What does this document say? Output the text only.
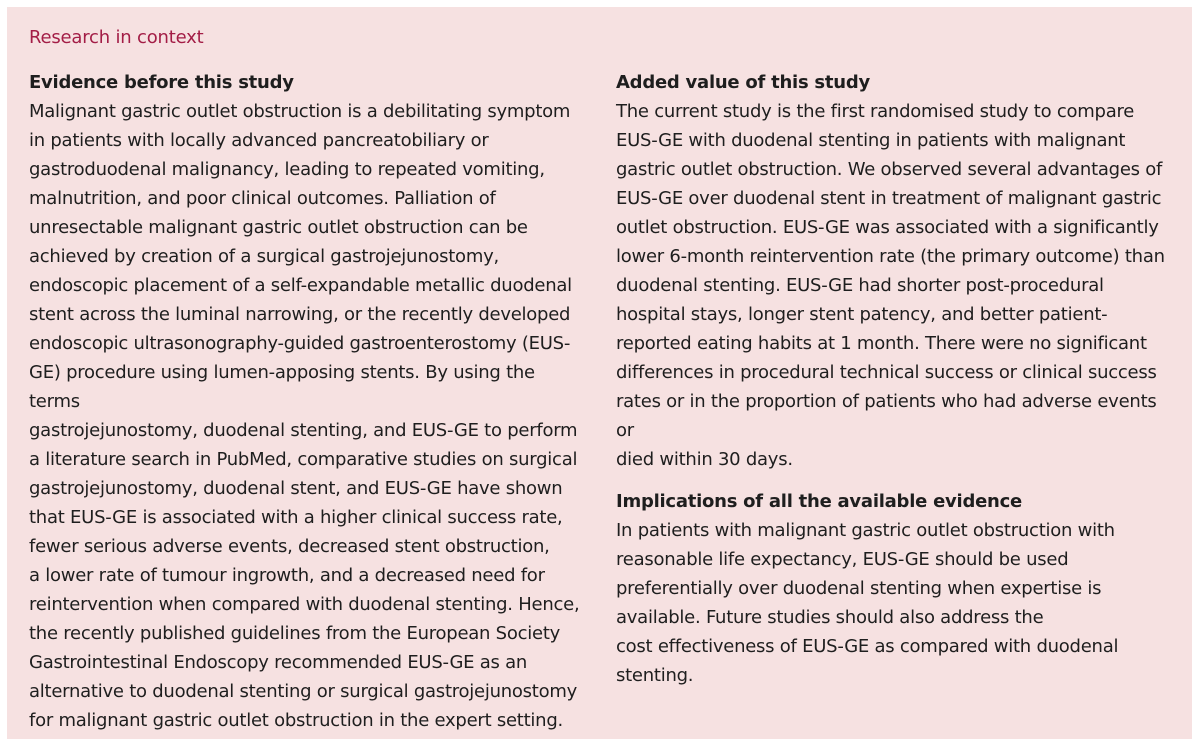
Research in context
Evidence before this study

Malignant gastric outlet obstruction is a debilitating symptom
in patients with locally advanced pancreatobiliary or
gastroduodenal malignancy, leading to repeated vomiting,
malnutrition, and poor clinical outcomes. Palliation of
unresectable malignant gastric outlet obstruction can be
achieved by creation of a surgical gastrojejunostomy,
endoscopic placement of a self-expandable metallic duodenal
stent across the luminal narrowing, or the recently developed
endoscopic ultrasonography-guided gastroenterostomy (EUS-
GE) procedure using lumen-apposing stents. By using the terms
gastrojejunostomy, duodenal stenting, and EUS-GE to perform
a literature search in PubMed, comparative studies on surgical
gastrojejunostomy, duodenal stent, and EUS-GE have shown
that EUS-GE is associated with a higher clinical success rate,
fewer serious adverse events, decreased stent obstruction,
a lower rate of tumour ingrowth, and a decreased need for
reintervention when compared with duodenal stenting. Hence,
the recently published guidelines from the European Society
Gastrointestinal Endoscopy recommended EUS-GE as an
alternative to duodenal stenting or surgical gastrojejunostomy
for malignant gastric outlet obstruction in the expert setting.

Added value of this study

The current study is the first randomised study to compare
EUS-GE with duodenal stenting in patients with malignant
gastric outlet obstruction. We observed several advantages of
EUS-GE over duodenal stent in treatment of malignant gastric
outlet obstruction. EUS-GE was associated with a significantly
lower 6-month reintervention rate (the primary outcome) than
duodenal stenting. EUS-GE had shorter post-procedural
hospital stays, longer stent patency, and better patient-
reported eating habits at 1 month. There were no significant
differences in procedural technical success or clinical success
rates or in the proportion of patients who had adverse events or
died within 30 days.

Implications of all the available evidence

In patients with malignant gastric outlet obstruction with
reasonable life expectancy, EUS-GE should be used
preferentially over duodenal stenting when expertise is
available. Future studies should also address the
cost effectiveness of EUS-GE as compared with duodenal
stenting.
